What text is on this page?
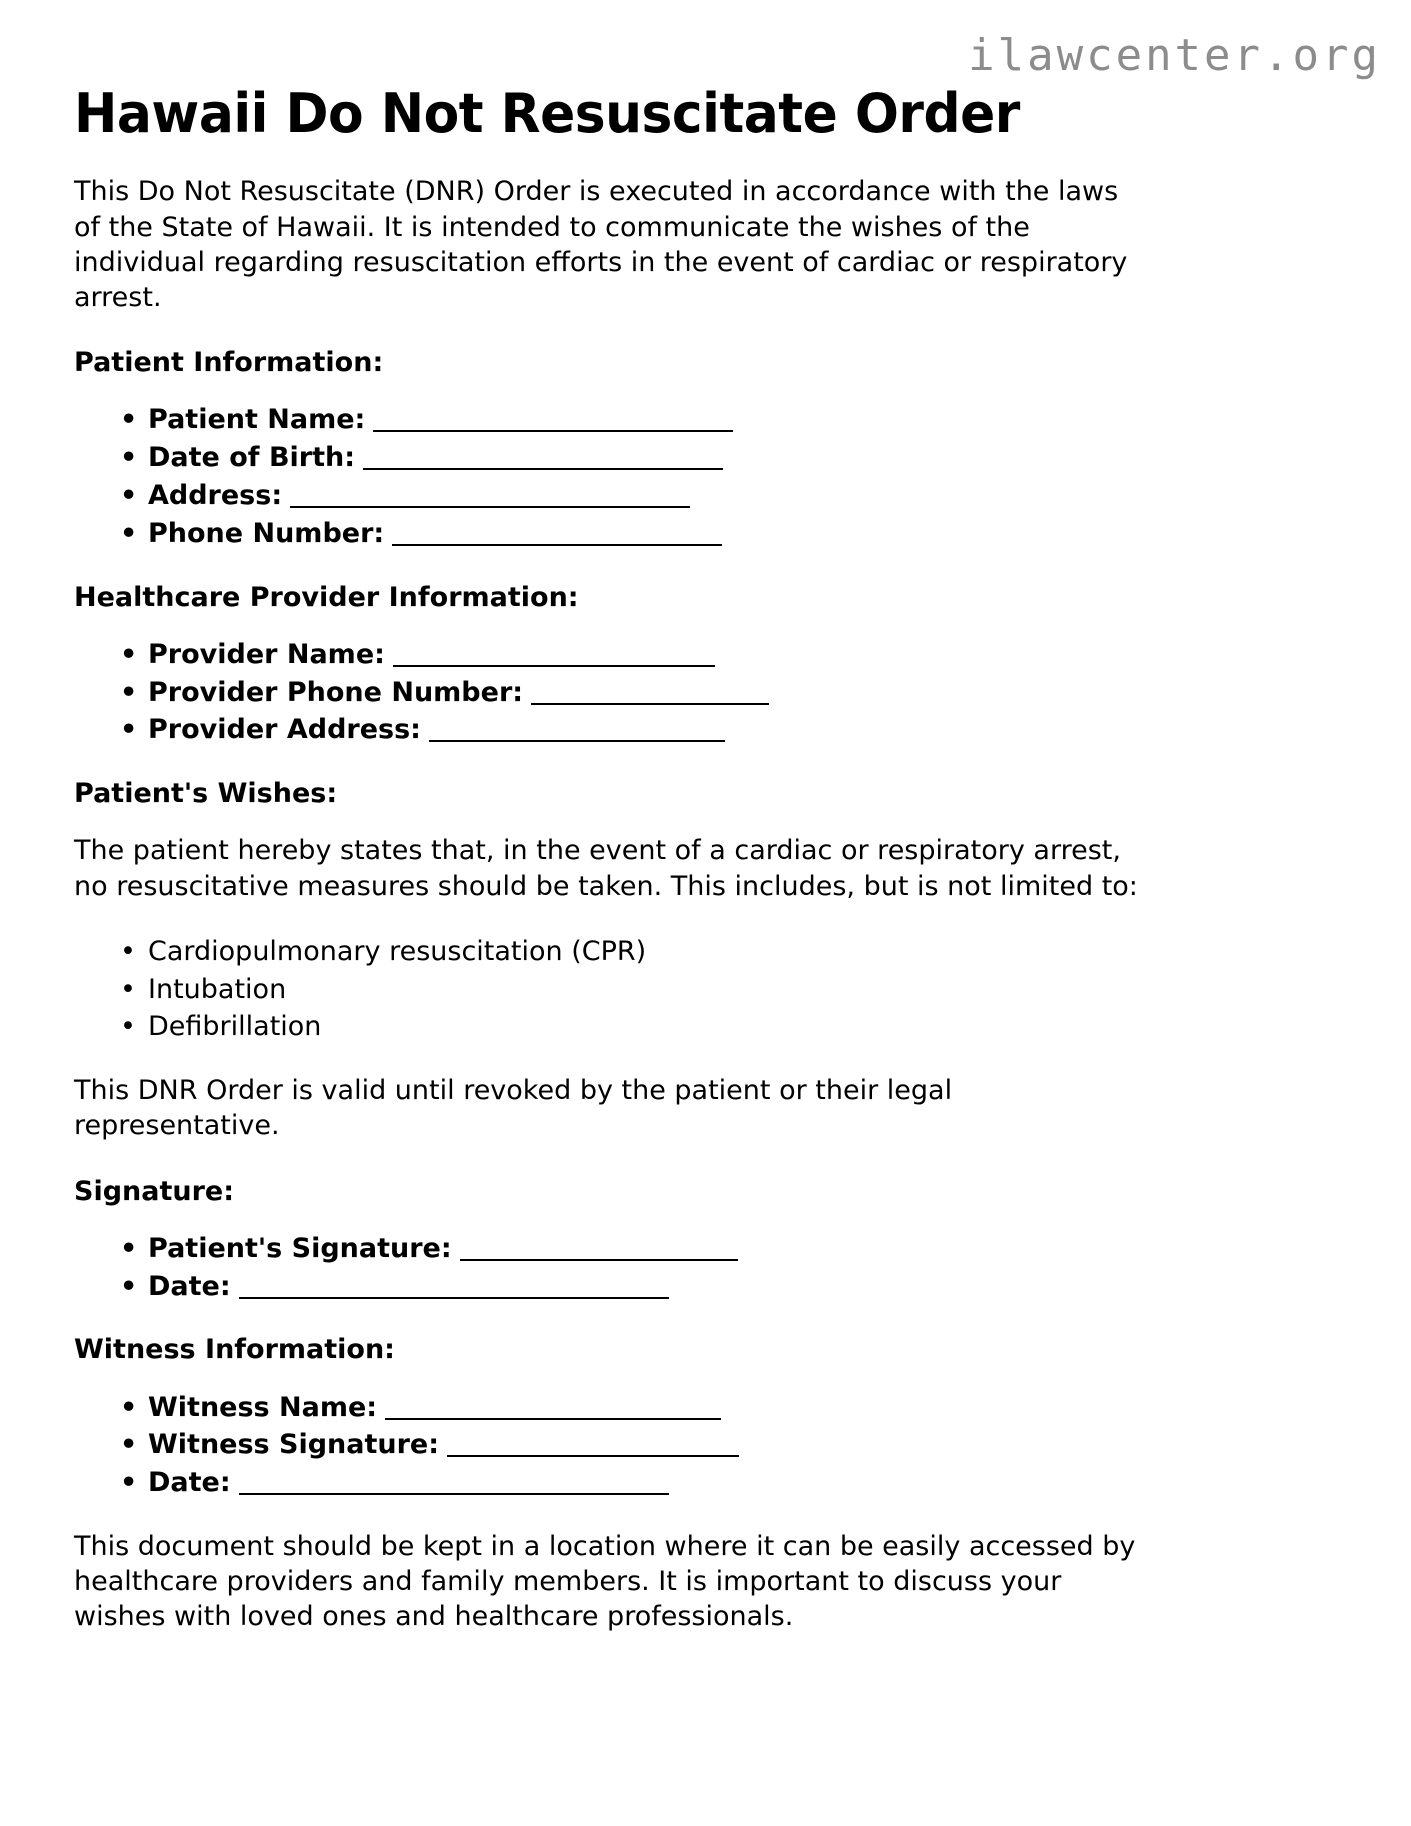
ilawcenter.org
Hawaii Do Not Resuscitate Order

This Do Not Resuscitate (DNR) Order is executed in accordance with the laws of the State of Hawaii. It is intended to communicate the wishes of the individual regarding resuscitation efforts in the event of cardiac or respiratory arrest.

Patient Information:
• Patient Name:
• Date of Birth:
• Address:
• Phone Number:
Healthcare Provider Information:
• Provider Name:
• Provider Phone Number:
• Provider Address:
Patient's Wishes:

The patient hereby states that, in the event of a cardiac or respiratory arrest, no resuscitative measures should be taken. This includes, but is not limited to:

• Cardiopulmonary resuscitation (CPR)
• Intubation
• Defibrillation

This DNR Order is valid until revoked by the patient or their legal representative.

Signature:
• Patient's Signature:
• Date:
Witness Information:
• Witness Name:
• Witness Signature:
• Date:

This document should be kept in a location where it can be easily accessed by healthcare providers and family members. It is important to discuss your wishes with loved ones and healthcare professionals.
